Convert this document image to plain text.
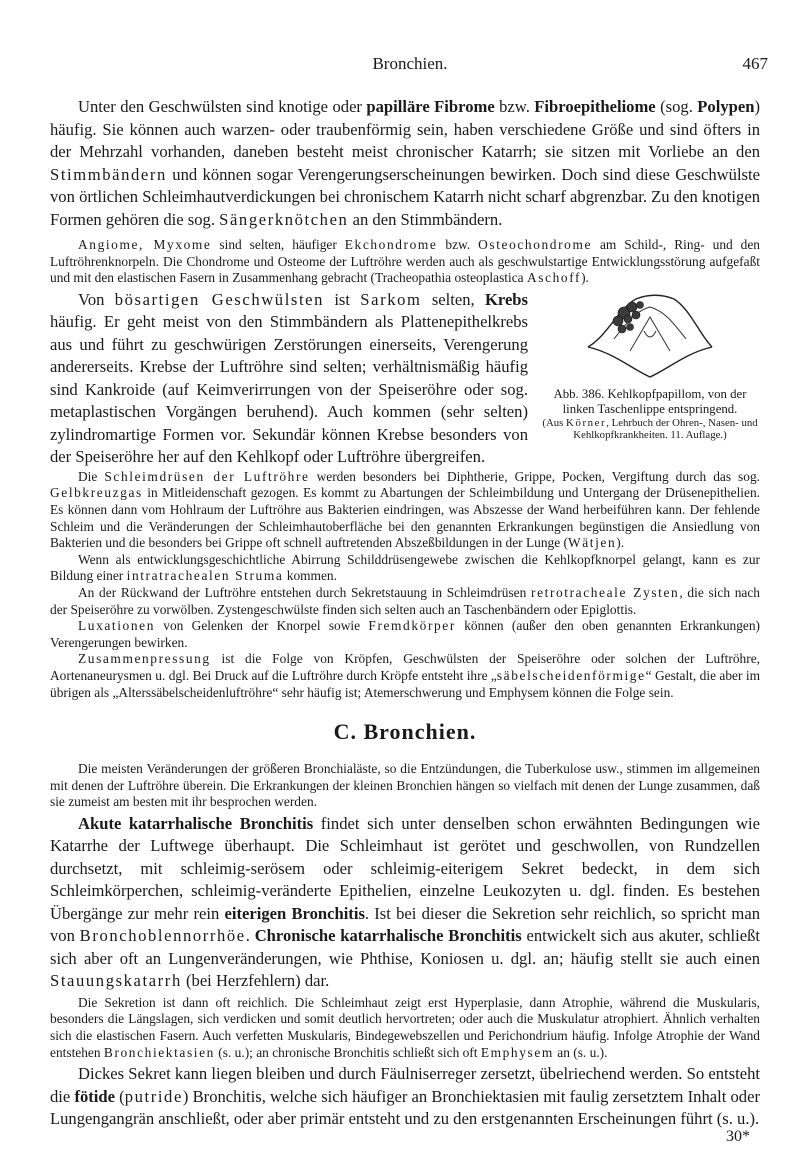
Bronchien.	467

Unter den Geschwülsten sind knotige oder papilläre Fibrome bzw. Fibroepitheliome (sog. Polypen) häufig. Sie können auch warzen- oder traubenförmig sein, haben verschiedene Größe und sind öfters in der Mehrzahl vorhanden, daneben besteht meist chronischer Katarrh; sie sitzen mit Vorliebe an den Stimmbändern und können sogar Verengerungserscheinungen bewirken. Doch sind diese Geschwülste von örtlichen Schleimhautverdickungen bei chronischem Katarrh nicht scharf abgrenzbar. Zu den knotigen Formen gehören die sog. Sängerknötchen an den Stimmbändern.

Angiome, Myxome sind selten, häufiger Ekchondrome bzw. Osteochondrome am Schild-, Ring- und den Luftröhrenknorpeln. Die Chondrome und Osteome der Luftröhre werden auch als geschwulstartige Entwicklungsstörung aufgefaßt und mit den elastischen Fasern in Zusammenhang gebracht (Tracheopathia osteoplastica Aschoff).

Abb. 386. Kehlkopfpapillom, von der linken Taschenlippe entspringend.

(Aus Körner, Lehrbuch der Ohren-, Nasen- und Kehlkopfkrankheiten. 11. Auflage.)

Von bösartigen Geschwülsten ist Sarkom selten, Krebs häufig. Er geht meist von den Stimmbändern als Plattenepithelkrebs aus und führt zu geschwürigen Zerstörungen einerseits, Verengerung andererseits. Krebse der Luftröhre sind selten; verhältnismäßig häufig sind Kankroide (auf Keimverirrungen von der Speiseröhre oder sog. metaplastischen Vorgängen beruhend). Auch kommen (sehr selten) zylindromartige Formen vor. Sekundär können Krebse besonders von der Speiseröhre her auf den Kehlkopf oder Luftröhre übergreifen.

Die Schleimdrüsen der Luftröhre werden besonders bei Diphtherie, Grippe, Pocken, Vergiftung durch das sog. Gelbkreuzgas in Mitleidenschaft gezogen. Es kommt zu Abartungen der Schleimbildung und Untergang der Drüsenepithelien. Es können dann vom Hohlraum der Luftröhre aus Bakterien eindringen, was Abszesse der Wand herbeiführen kann. Der fehlende Schleim und die Veränderungen der Schleimhautoberfläche bei den genannten Erkrankungen begünstigen die Ansiedlung von Bakterien und die besonders bei Grippe oft schnell auftretenden Abszeßbildungen in der Lunge (Wätjen).

Wenn als entwicklungsgeschichtliche Abirrung Schilddrüsengewebe zwischen die Kehlkopfknorpel gelangt, kann es zur Bildung einer intratrachealen Struma kommen.

An der Rückwand der Luftröhre entstehen durch Sekretstauung in Schleimdrüsen retrotracheale Zysten, die sich nach der Speiseröhre zu vorwölben. Zystengeschwülste finden sich selten auch an Taschenbändern oder Epiglottis.

Luxationen von Gelenken der Knorpel sowie Fremdkörper können (außer den oben genannten Erkrankungen) Verengerungen bewirken.

Zusammenpressung ist die Folge von Kröpfen, Geschwülsten der Speiseröhre oder solchen der Luftröhre, Aortenaneurysmen u. dgl. Bei Druck auf die Luftröhre durch Kröpfe entsteht ihre „säbelscheidenförmige“ Gestalt, die aber im übrigen als „Alterssäbelscheidenluftröhre“ sehr häufig ist; Atemerschwerung und Emphysem können die Folge sein.

C. Bronchien.

Die meisten Veränderungen der größeren Bronchialäste, so die Entzündungen, die Tuberkulose usw., stimmen im allgemeinen mit denen der Luftröhre überein. Die Erkrankungen der kleinen Bronchien hängen so vielfach mit denen der Lunge zusammen, daß sie zumeist am besten mit ihr besprochen werden.

Akute katarrhalische Bronchitis findet sich unter denselben schon erwähnten Bedingungen wie Katarrhe der Luftwege überhaupt. Die Schleimhaut ist gerötet und geschwollen, von Rundzellen durchsetzt, mit schleimig-serösem oder schleimig-eiterigem Sekret bedeckt, in dem sich Schleimkörperchen, schleimig-veränderte Epithelien, einzelne Leukozyten u. dgl. finden. Es bestehen Übergänge zur mehr rein eiterigen Bronchitis. Ist bei dieser die Sekretion sehr reichlich, so spricht man von Bronchoblennorrhöe. Chronische katarrhalische Bronchitis entwickelt sich aus akuter, schließt sich aber oft an Lungenveränderungen, wie Phthise, Koniosen u. dgl. an; häufig stellt sie auch einen Stauungskatarrh (bei Herzfehlern) dar.

Die Sekretion ist dann oft reichlich. Die Schleimhaut zeigt erst Hyperplasie, dann Atrophie, während die Muskularis, besonders die Längslagen, sich verdicken und somit deutlich hervortreten; oder auch die Muskulatur atrophiert. Ähnlich verhalten sich die elastischen Fasern. Auch verfetten Muskularis, Bindegewebszellen und Perichondrium häufig. Infolge Atrophie der Wand entstehen Bronchiektasien (s. u.); an chronische Bronchitis schließt sich oft Emphysem an (s. u.).

Dickes Sekret kann liegen bleiben und durch Fäulniserreger zersetzt, übelriechend werden. So entsteht die fötide (putride) Bronchitis, welche sich häufiger an Bronchiektasien mit faulig zersetztem Inhalt oder Lungengangrän anschließt, oder aber primär entsteht und zu den erstgenannten Erscheinungen führt (s. u.).

30*
